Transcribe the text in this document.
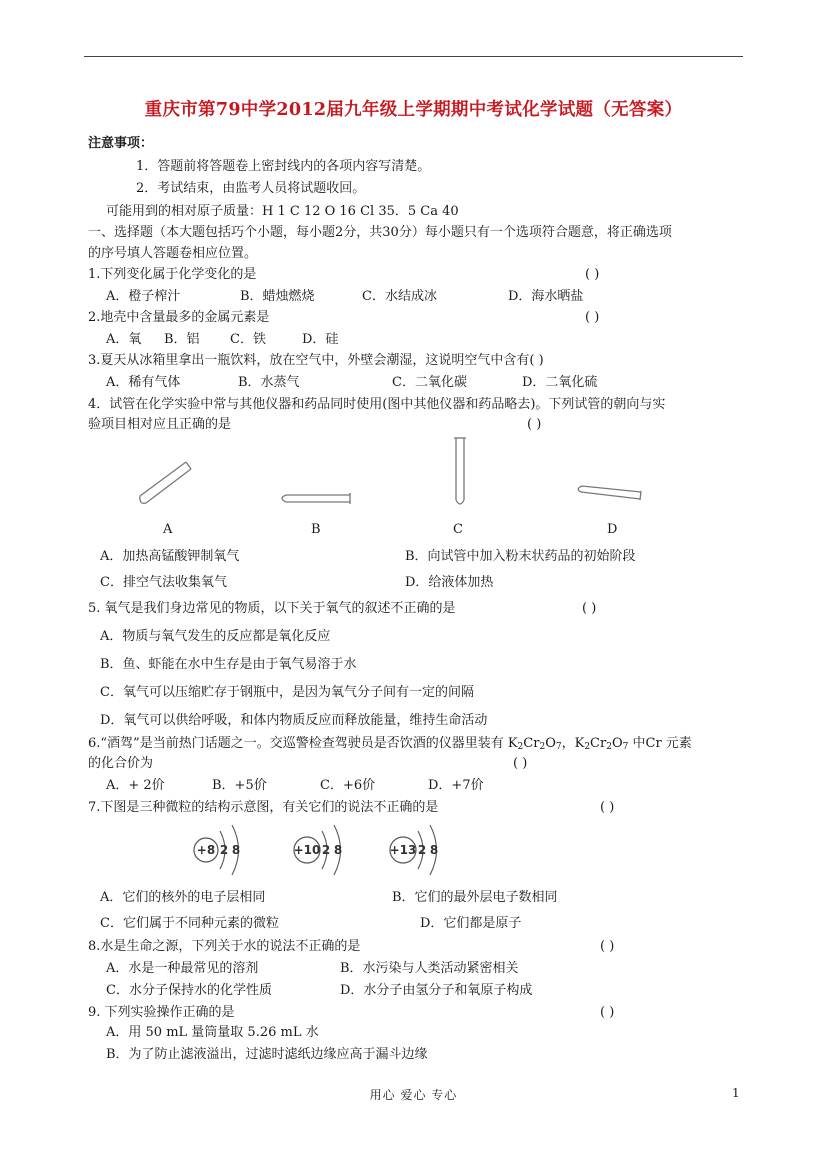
重庆市第79中学2012届九年级上学期期中考试化学试题（无答案）
注意事项：
1．答题前将答题卷上密封线内的各项内容写清楚。
2．考试结束，由监考人员将试题收回。
可能用到的相对原子质量：H 1 C 12 O 16 Cl 35．5 Ca 40
一、选择题（本大题包括巧个小题，每小题2分，共30分）每小题只有一个选项符合题意，将正确选项
的序号填人答题卷相应位置。
1.下列变化属于化学变化的是	( )
A．橙子榨汁	B．蜡烛燃烧	C．水结成冰	D．海水晒盐
2.地壳中含量最多的金属元素是	( )
A．氧 B．铝 C．铁	D．硅
3.夏天从冰箱里拿出一瓶饮料，放在空气中，外壁会潮湿，这说明空气中含有( )
A．稀有气体	B．水蒸气	C．二氧化碳	D．二氧化硫
4．试管在化学实验中常与其他仪器和药品同时使用(图中其他仪器和药品略去)。下列试管的朝向与实
验项目相对应且正确的是	( )
A	B	C	D
A．加热高锰酸钾制氧气	B．向试管中加入粉末状药品的初始阶段
C．排空气法收集氧气	D．给液体加热
5. 氧气是我们身边常见的物质，以下关于氧气的叙述不正确的是	( )
A．物质与氧气发生的反应都是氧化反应
B．鱼、虾能在水中生存是由于氧气易溶于水
C．氧气可以压缩贮存于钢瓶中，是因为氧气分子间有一定的间隔
D．氧气可以供给呼吸，和体内物质反应而释放能量，维持生命活动
6.“酒驾”是当前热门话题之一。交巡警检查驾驶员是否饮酒的仪器里装有 $K_2Cr_2O_7$，$K_2Cr_2O_7$ 中Cr 元素
的化合价为	( )
A．+ 2价	B．+5价	C．+6价	D．+7价
7.下图是三种微粒的结构示意图，有关它们的说法不正确的是	( )
+8 2 8	+10 2 8	+13 2 8
A．它们的核外的电子层相同	B．它们的最外层电子数相同
C．它们属于不同种元素的微粒	D．它们都是原子
8.水是生命之源，下列关于水的说法不正确的是	( )
A．水是一种最常见的溶剂	B．水污染与人类活动紧密相关
C．水分子保持水的化学性质	D．水分子由氢分子和氧原子构成
9. 下列实验操作正确的是	( )
A．用 50 mL 量筒量取 5.26 mL 水
B．为了防止滤液溢出，过滤时滤纸边缘应高于漏斗边缘
用心 爱心 专心	1
